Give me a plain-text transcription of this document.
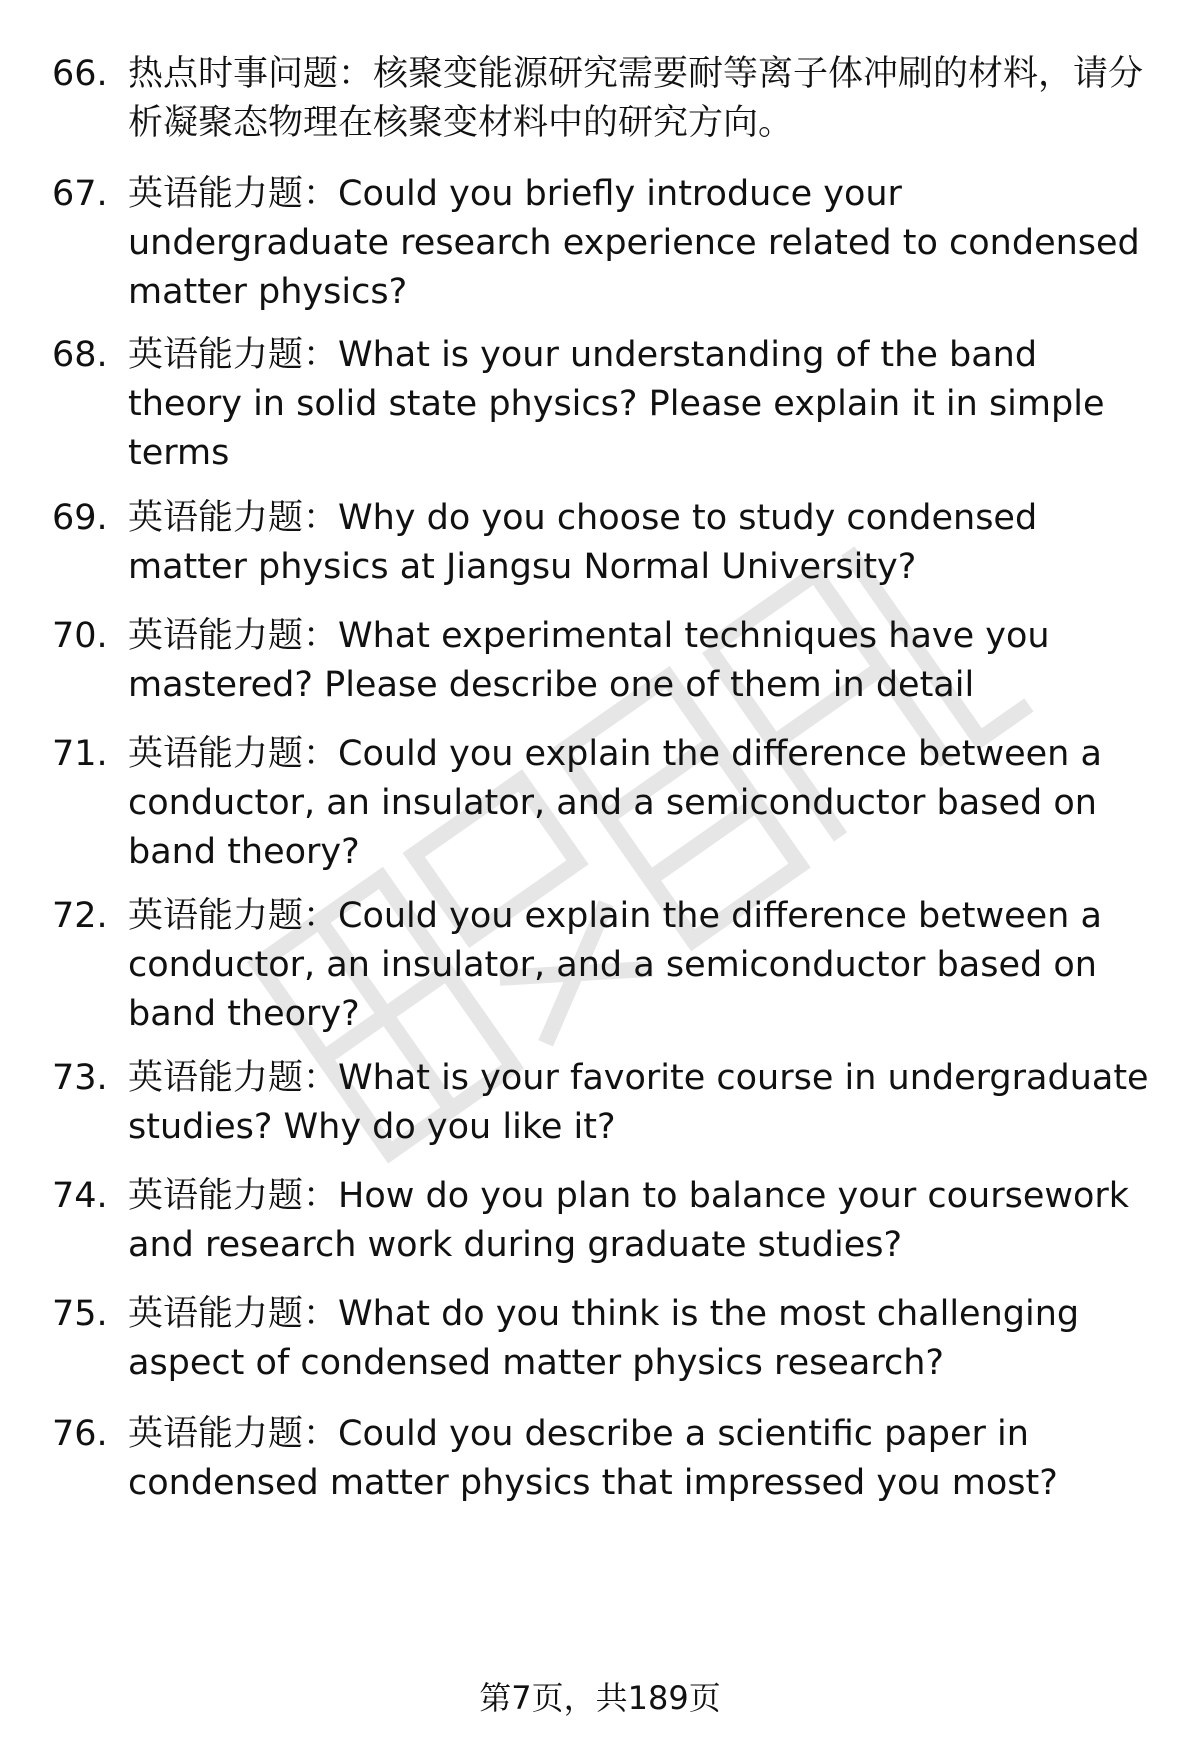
66. 热点时事问题：核聚变能源研究需要耐等离子体冲刷的材料，请分析凝聚态物理在核聚变材料中的研究方向。
67. 英语能力题：Could you briefly introduce your undergraduate research experience related to condensed matter physics?
68. 英语能力题：What is your understanding of the band theory in solid state physics? Please explain it in simple terms
69. 英语能力题：Why do you choose to study condensed matter physics at Jiangsu Normal University?
70. 英语能力题：What experimental techniques have you mastered? Please describe one of them in detail
71. 英语能力题：Could you explain the difference between a conductor, an insulator, and a semiconductor based on band theory?
72. 英语能力题：Could you explain the difference between a conductor, an insulator, and a semiconductor based on band theory?
73. 英语能力题：What is your favorite course in undergraduate studies? Why do you like it?
74. 英语能力题：How do you plan to balance your coursework and research work during graduate studies?
75. 英语能力题：What do you think is the most challenging aspect of condensed matter physics research?
76. 英语能力题：Could you describe a scientific paper in condensed matter physics that impressed you most?
第7页，共189页
